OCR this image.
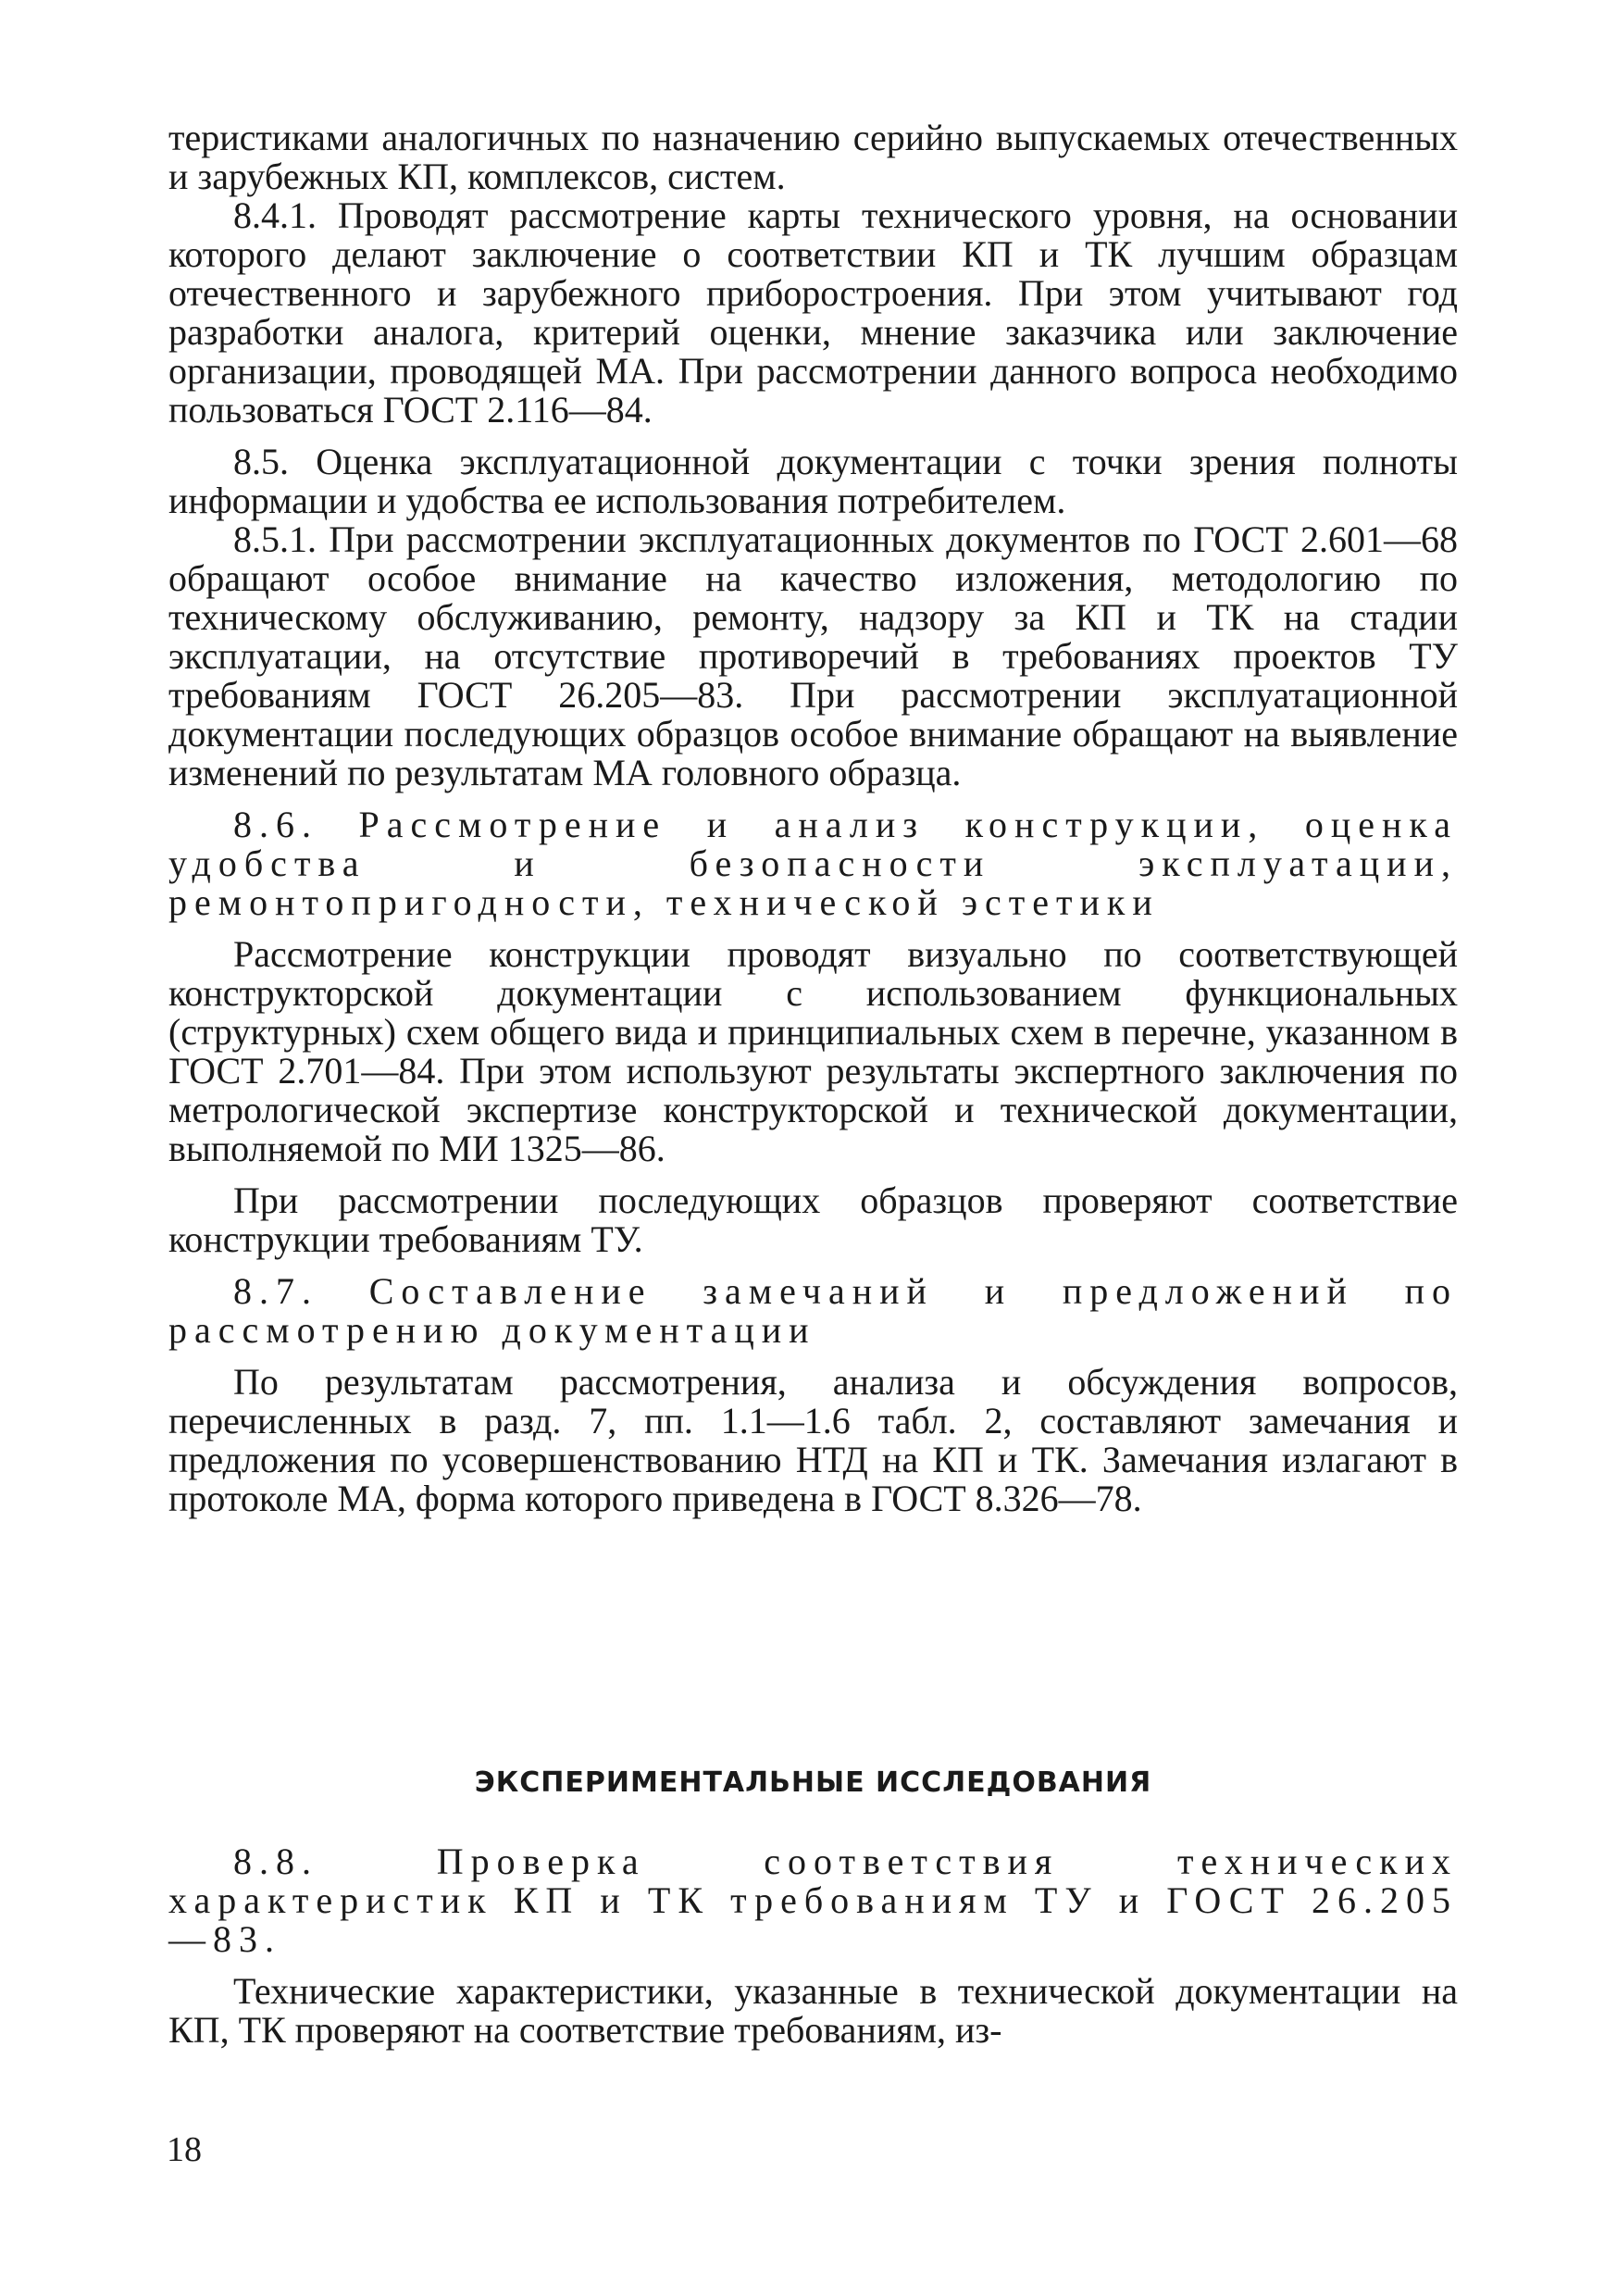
теристиками аналогичных по назначению серийно выпускаемых отечественных и зарубежных КП, комплексов, систем.

8.4.1. Проводят рассмотрение карты технического уровня, на основании которого делают заключение о соответствии КП и ТК лучшим образцам отечественного и зарубежного приборостроения. При этом учитывают год разработки аналога, критерий оценки, мнение заказчика или заключение организации, проводящей МА. При рассмотрении данного вопроса необходимо пользоваться ГОСТ 2.116—84.

8.5. Оценка эксплуатационной документации с точки зрения полноты информации и удобства ее использования потребителем.

8.5.1. При рассмотрении эксплуатационных документов по ГОСТ 2.601—68 обращают особое внимание на качество изложения, методологию по техническому обслуживанию, ремонту, надзору за КП и ТК на стадии эксплуатации, на отсутствие противоречий в требованиях проектов ТУ требованиям ГОСТ 26.205—83. При рассмотрении эксплуатационной документации последующих образцов особое внимание обращают на выявление изменений по результатам МА головного образца.

8.6. Рассмотрение и анализ конструкции, оценка удобства и безопасности эксплуатации, ремонтопригодности, технической эстетики

Рассмотрение конструкции проводят визуально по соответствующей конструкторской документации с использованием функциональных (структурных) схем общего вида и принципиальных схем в перечне, указанном в ГОСТ 2.701—84. При этом используют результаты экспертного заключения по метрологической экспертизе конструкторской и технической документации, выполняемой по МИ 1325—86.

При рассмотрении последующих образцов проверяют соответствие конструкции требованиям ТУ.

8.7. Составление замечаний и предложений по рассмотрению документации

По результатам рассмотрения, анализа и обсуждения вопросов, перечисленных в разд. 7, пп. 1.1—1.6 табл. 2, составляют замечания и предложения по усовершенствованию НТД на КП и ТК. Замечания излагают в протоколе МА, форма которого приведена в ГОСТ 8.326—78.

ЭКСПЕРИМЕНТАЛЬНЫЕ ИССЛЕДОВАНИЯ

8.8. Проверка соответствия технических характеристик КП и ТК требованиям ТУ и ГОСТ 26.205—83.

Технические характеристики, указанные в технической документации на КП, ТК проверяют на соответствие требованиям, из-

18
